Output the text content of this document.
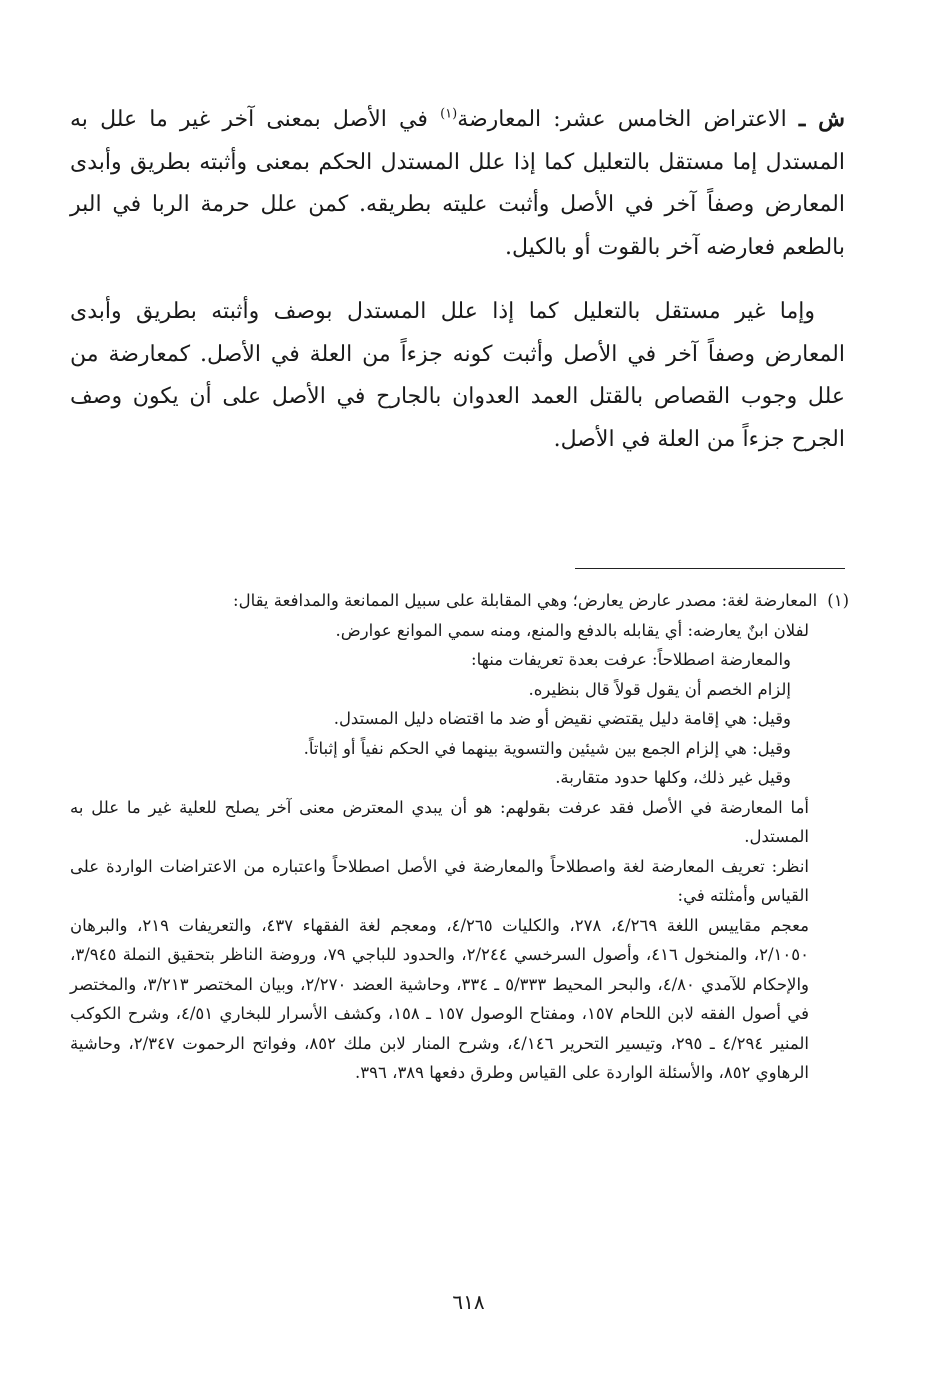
ش ـ الاعتراض الخامس عشر: المعارضة$^{(١)}$ في الأصل بمعنى آخر غير ما علل به المستدل إما مستقل بالتعليل كما إذا علل المستدل الحكم بمعنى وأثبته بطريق وأبدى المعارض وصفاً آخر في الأصل وأثبت عليته بطريقه. كمن علل حرمة الربا في البر بالطعم فعارضه آخر بالقوت أو بالكيل.

وإما غير مستقل بالتعليل كما إذا علل المستدل بوصف وأثبته بطريق وأبدى المعارض وصفاً آخر في الأصل وأثبت كونه جزءاً من العلة في الأصل. كمعارضة من علل وجوب القصاص بالقتل العمد العدوان بالجارح في الأصل على أن يكون وصف الجرح جزءاً من العلة في الأصل.

(١)
المعارضة لغة: مصدر عارض يعارض؛ وهي المقابلة على سبيل الممانعة والمدافعة يقال:

لفلان ابنٌ يعارضه: أي يقابله بالدفع والمنع، ومنه سمي الموانع عوارض.

والمعارضة اصطلاحاً: عرفت بعدة تعريفات منها:

إلزام الخصم أن يقول قولاً قال بنظيره.

وقيل: هي إقامة دليل يقتضي نقيض أو ضد ما اقتضاه دليل المستدل.

وقيل: هي إلزام الجمع بين شيئين والتسوية بينهما في الحكم نفياً أو إثباتاً.

وقيل غير ذلك، وكلها حدود متقاربة.

أما المعارضة في الأصل فقد عرفت بقولهم: هو أن يبدي المعترض معنى آخر يصلح للعلية غير ما علل به المستدل.

انظر: تعريف المعارضة لغة واصطلاحاً والمعارضة في الأصل اصطلاحاً واعتباره من الاعتراضات الواردة على القياس وأمثلته في:

معجم مقاييس اللغة ٤/٢٦٩، ٢٧٨، والكليات ٤/٢٦٥، ومعجم لغة الفقهاء ٤٣٧، والتعريفات ٢١٩، والبرهان ٢/١٠٥٠، والمنخول ٤١٦، وأصول السرخسي ٢/٢٤٤، والحدود للباجي ٧٩، وروضة الناظر بتحقيق النملة ٣/٩٤٥، والإحكام للآمدي ٤/٨٠، والبحر المحيط ٥/٣٣٣ ـ ٣٣٤، وحاشية العضد ٢/٢٧٠، وبيان المختصر ٣/٢١٣، والمختصر في أصول الفقه لابن اللحام ١٥٧، ومفتاح الوصول ١٥٧ ـ ١٥٨، وكشف الأسرار للبخاري ٤/٥١، وشرح الكوكب المنير ٤/٢٩٤ ـ ٢٩٥، وتيسير التحرير ٤/١٤٦، وشرح المنار لابن ملك ٨٥٢، وفواتح الرحموت ٢/٣٤٧، وحاشية الرهاوي ٨٥٢، والأسئلة الواردة على القياس وطرق دفعها ٣٨٩، ٣٩٦.

٦١٨
